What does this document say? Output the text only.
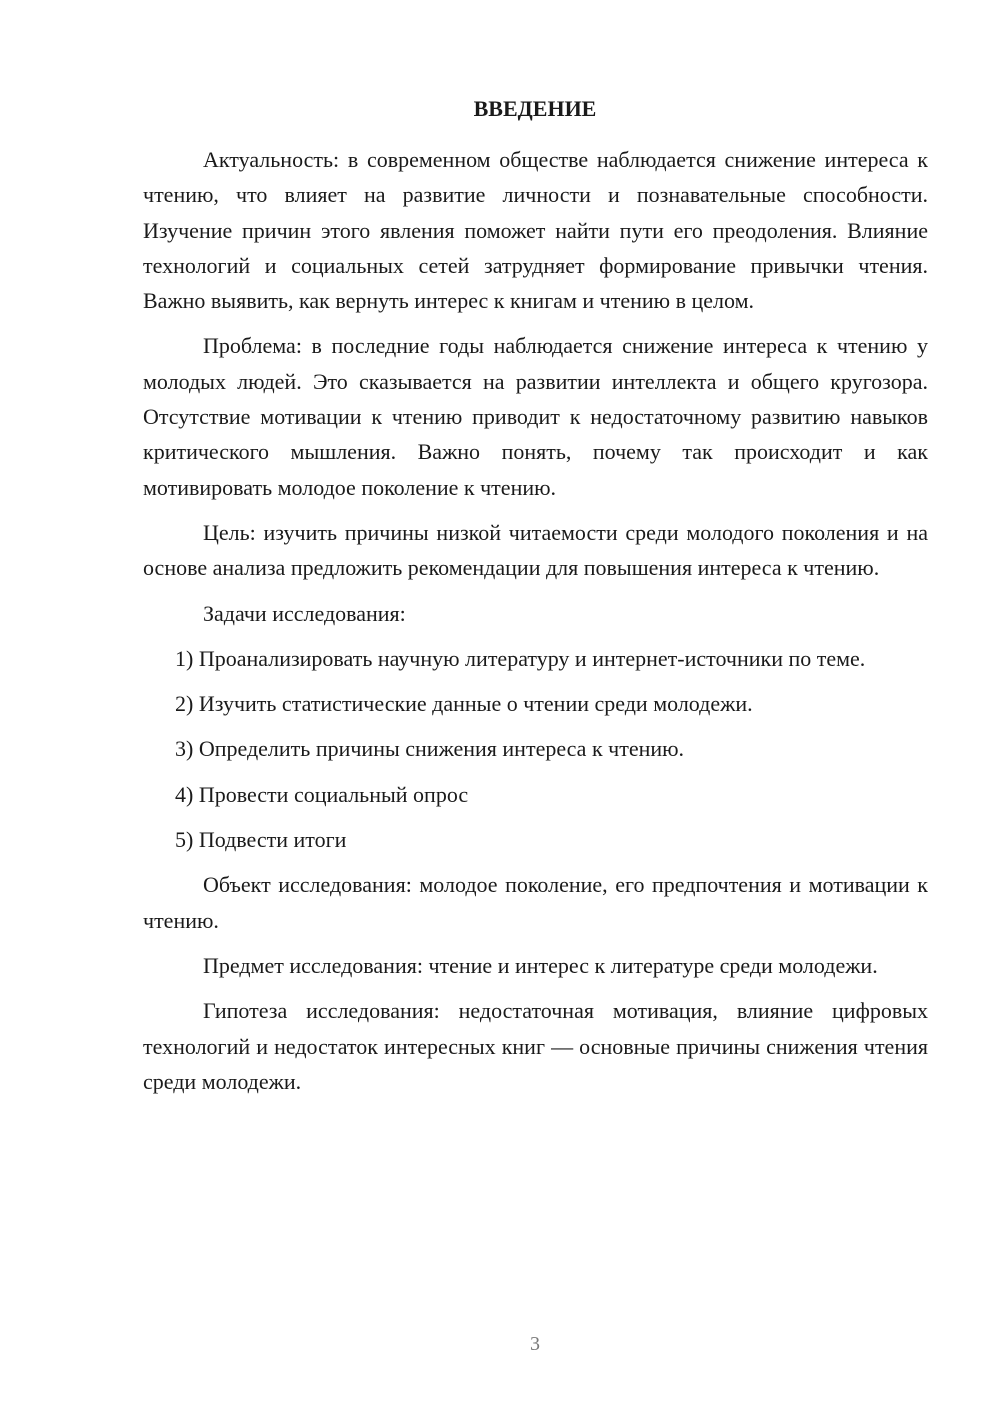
ВВЕДЕНИЕ

Актуальность: в современном обществе наблюдается снижение интереса к чтению, что влияет на развитие личности и познавательные способности. Изучение причин этого явления поможет найти пути его преодоления. Влияние технологий и социальных сетей затрудняет формирование привычки чтения. Важно выявить, как вернуть интерес к книгам и чтению в целом.

Проблема: в последние годы наблюдается снижение интереса к чтению у молодых людей. Это сказывается на развитии интеллекта и общего кругозора. Отсутствие мотивации к чтению приводит к недостаточному развитию навыков критического мышления. Важно понять, почему так происходит и как мотивировать молодое поколение к чтению.

Цель: изучить причины низкой читаемости среди молодого поколения и на основе анализа предложить рекомендации для повышения интереса к чтению.

Задачи исследования:

1) Проанализировать научную литературу и интернет-источники по теме.

2) Изучить статистические данные о чтении среди молодежи.

3) Определить причины снижения интереса к чтению.

4) Провести социальный опрос

5) Подвести итоги

Объект исследования: молодое поколение, его предпочтения и мотивации к чтению.

Предмет исследования: чтение и интерес к литературе среди молодежи.

Гипотеза исследования: недостаточная мотивация, влияние цифровых технологий и недостаток интересных книг — основные причины снижения чтения среди молодежи.

3
